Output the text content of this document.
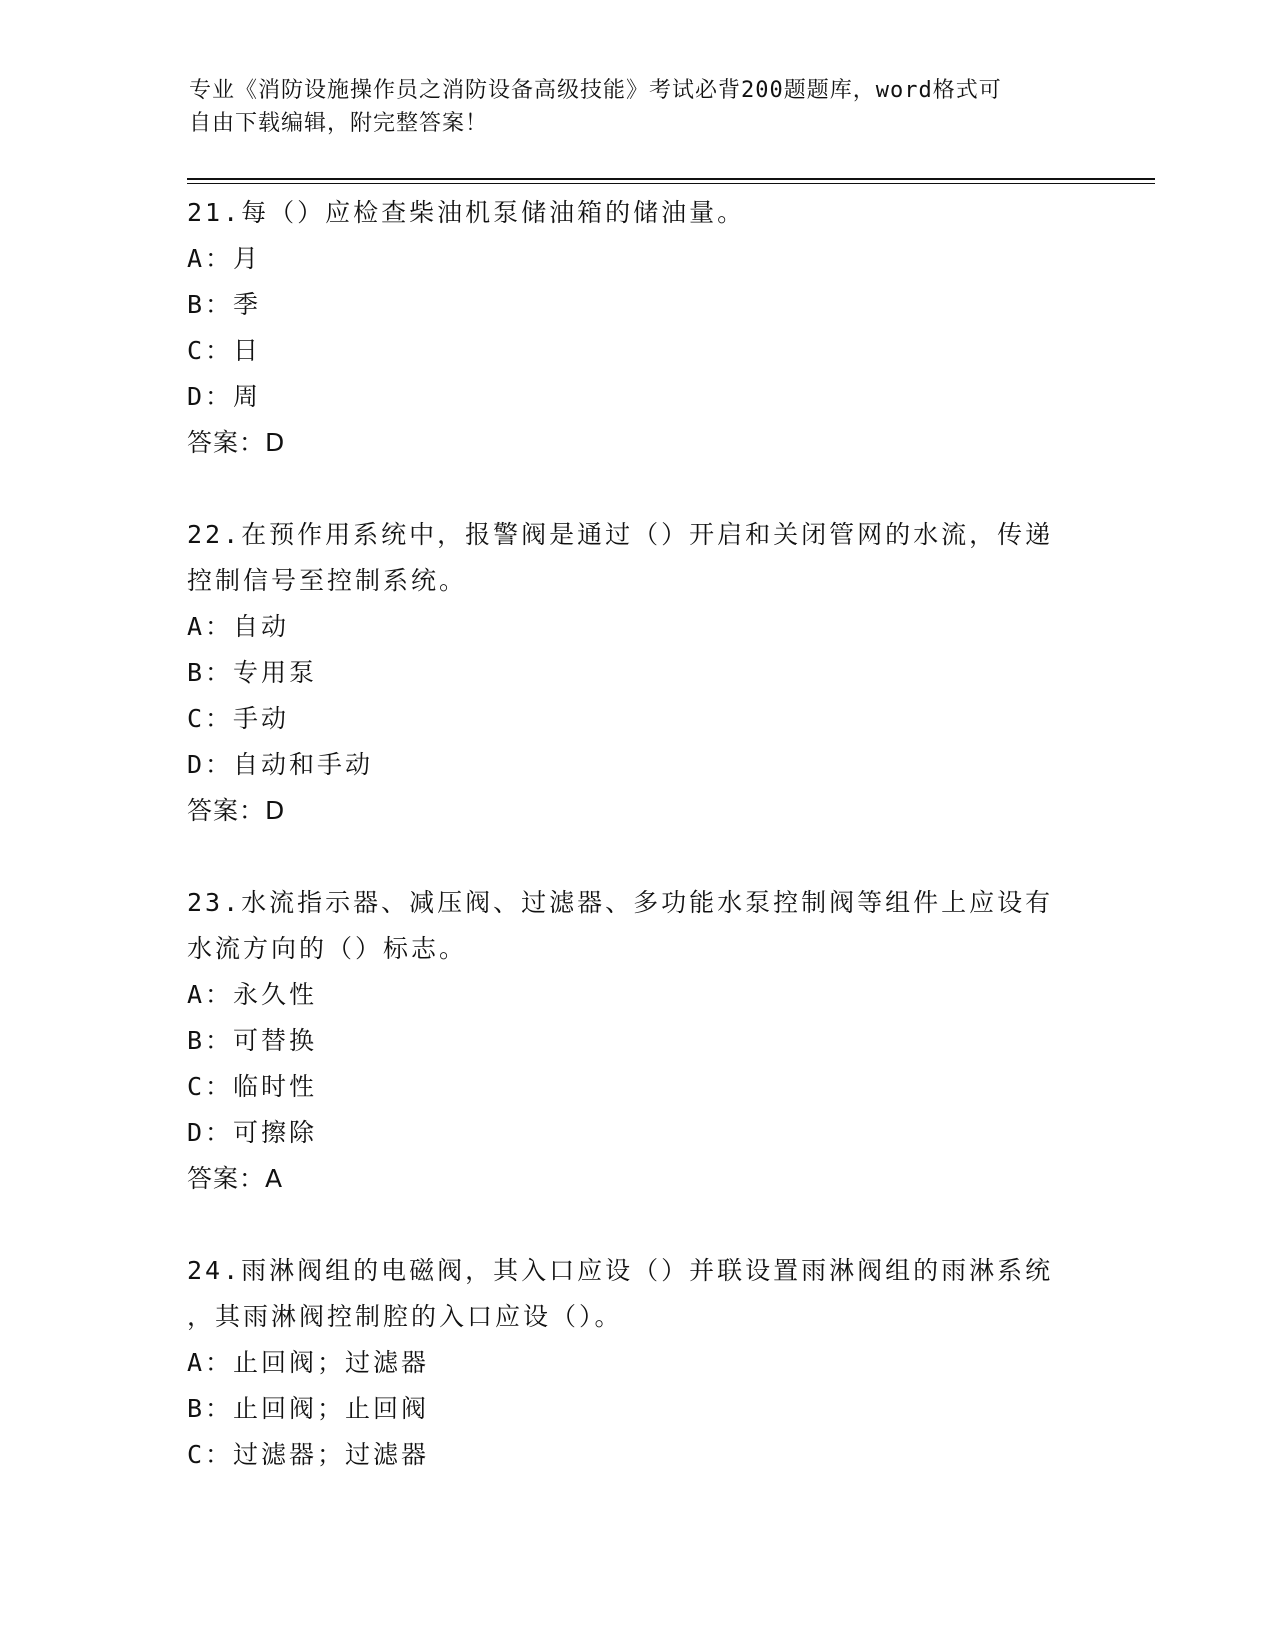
专业《消防设施操作员之消防设备高级技能》考试必背200题题库，word格式可
自由下载编辑，附完整答案！
21.每（）应检查柴油机泵储油箱的储油量。
A：月
B：季
C：日
D：周
答案：D
22.在预作用系统中，报警阀是通过（）开启和关闭管网的水流，传递
控制信号至控制系统。
A：自动
B：专用泵
C：手动
D：自动和手动
答案：D
23.水流指示器、减压阀、过滤器、多功能水泵控制阀等组件上应设有
水流方向的（）标志。
A：永久性
B：可替换
C：临时性
D：可擦除
答案：A
24.雨淋阀组的电磁阀，其入口应设（）并联设置雨淋阀组的雨淋系统
，其雨淋阀控制腔的入口应设（）。
A：止回阀；过滤器
B：止回阀；止回阀
C：过滤器；过滤器
